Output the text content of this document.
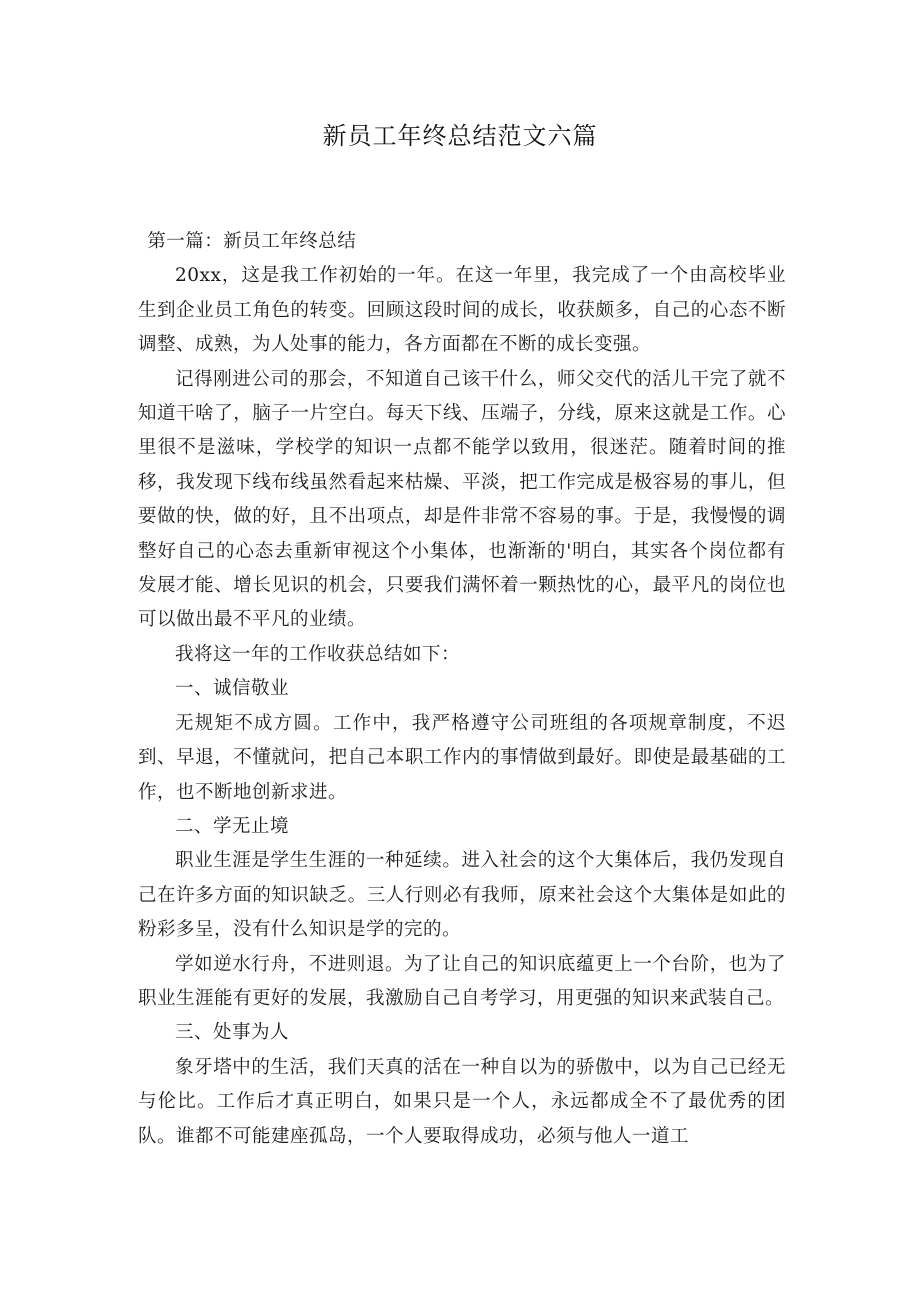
新员工年终总结范文六篇

第一篇：新员工年终总结

20xx，这是我工作初始的一年。在这一年里，我完成了一个由高校毕业生到企业员工角色的转变。回顾这段时间的成长，收获颇多，自己的心态不断调整、成熟，为人处事的能力，各方面都在不断的成长变强。

记得刚进公司的那会，不知道自己该干什么，师父交代的活儿干完了就不知道干啥了，脑子一片空白。每天下线、压端子，分线，原来这就是工作。心里很不是滋味，学校学的知识一点都不能学以致用，很迷茫。随着时间的推移，我发现下线布线虽然看起来枯燥、平淡，把工作完成是极容易的事儿，但要做的快，做的好，且不出项点，却是件非常不容易的事。于是，我慢慢的调整好自己的心态去重新审视这个小集体，也渐渐的'明白，其实各个岗位都有发展才能、增长见识的机会，只要我们满怀着一颗热忱的心，最平凡的岗位也可以做出最不平凡的业绩。

我将这一年的工作收获总结如下：

一、诚信敬业

无规矩不成方圆。工作中，我严格遵守公司班组的各项规章制度，不迟到、早退，不懂就问，把自己本职工作内的事情做到最好。即使是最基础的工作，也不断地创新求进。

二、学无止境

职业生涯是学生生涯的一种延续。进入社会的这个大集体后，我仍发现自己在许多方面的知识缺乏。三人行则必有我师，原来社会这个大集体是如此的粉彩多呈，没有什么知识是学的完的。

学如逆水行舟，不进则退。为了让自己的知识底蕴更上一个台阶，也为了职业生涯能有更好的发展，我激励自己自考学习，用更强的知识来武装自己。

三、处事为人

象牙塔中的生活，我们天真的活在一种自以为的骄傲中，以为自己已经无与伦比。工作后才真正明白，如果只是一个人，永远都成全不了最优秀的团队。谁都不可能建座孤岛，一个人要取得成功，必须与他人一道工
